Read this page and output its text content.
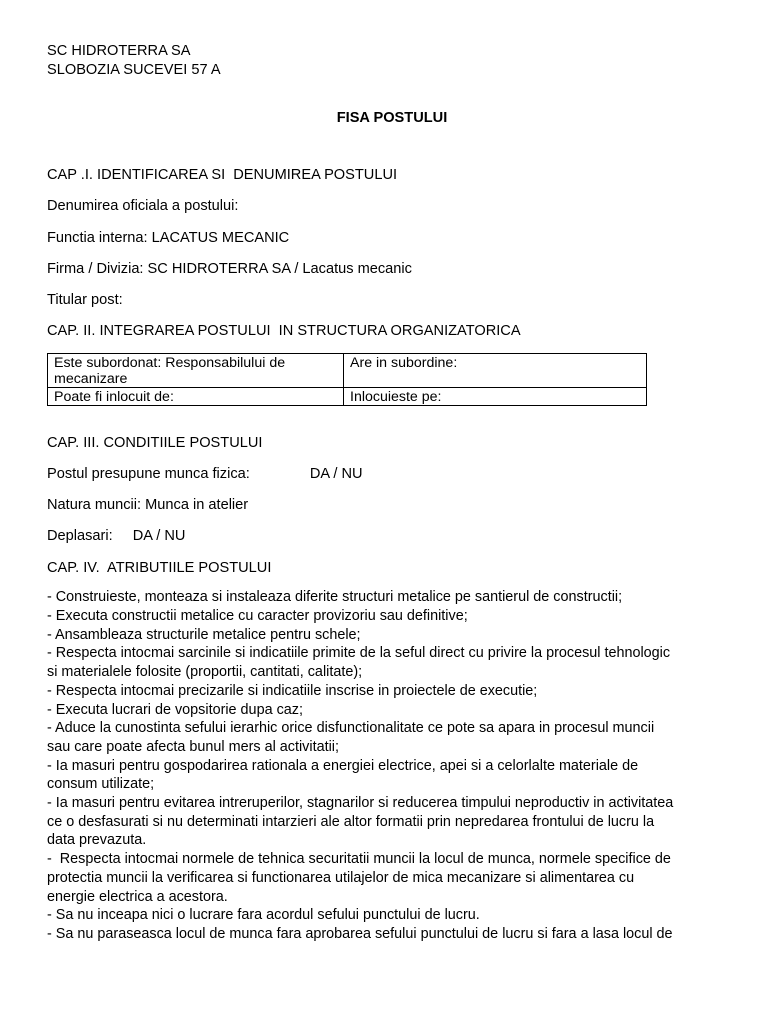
SC HIDROTERRA SA
SLOBOZIA SUCEVEI 57 A
FISA POSTULUI
CAP .I. IDENTIFICAREA SI  DENUMIREA POSTULUI
Denumirea oficiala a postului:
Functia interna: LACATUS MECANIC
Firma / Divizia: SC HIDROTERRA SA / Lacatus mecanic
Titular post:
CAP. II. INTEGRAREA POSTULUI  IN STRUCTURA ORGANIZATORICA
Este subordonat: Responsabilului de
mecanizare	Are in subordine:
Poate fi inlocuit de:	Inlocuieste pe:
CAP. III. CONDITIILE POSTULUI
Postul presupune munca fizica:	DA / NU
Natura muncii: Munca in atelier
Deplasari: DA / NU
CAP. IV.  ATRIBUTIILE POSTULUI
- Construieste, monteaza si instaleaza diferite structuri metalice pe santierul de constructii;
- Executa constructii metalice cu caracter provizoriu sau definitive;
- Ansambleaza structurile metalice pentru schele;
- Respecta intocmai sarcinile si indicatiile primite de la seful direct cu privire la procesul tehnologic
si materialele folosite (proportii, cantitati, calitate);
- Respecta intocmai precizarile si indicatiile inscrise in proiectele de executie;
- Executa lucrari de vopsitorie dupa caz;
- Aduce la cunostinta sefului ierarhic orice disfunctionalitate ce pote sa apara in procesul muncii
sau care poate afecta bunul mers al activitatii;
- Ia masuri pentru gospodarirea rationala a energiei electrice, apei si a celorlalte materiale de
consum utilizate;
- Ia masuri pentru evitarea intreruperilor, stagnarilor si reducerea timpului neproductiv in activitatea
ce o desfasurati si nu determinati intarzieri ale altor formatii prin nepredarea frontului de lucru la
data prevazuta.
-  Respecta intocmai normele de tehnica securitatii muncii la locul de munca, normele specifice de
protectia muncii la verificarea si functionarea utilajelor de mica mecanizare si alimentarea cu
energie electrica a acestora.
- Sa nu inceapa nici o lucrare fara acordul sefului punctului de lucru.
- Sa nu paraseasca locul de munca fara aprobarea sefului punctului de lucru si fara a lasa locul de
